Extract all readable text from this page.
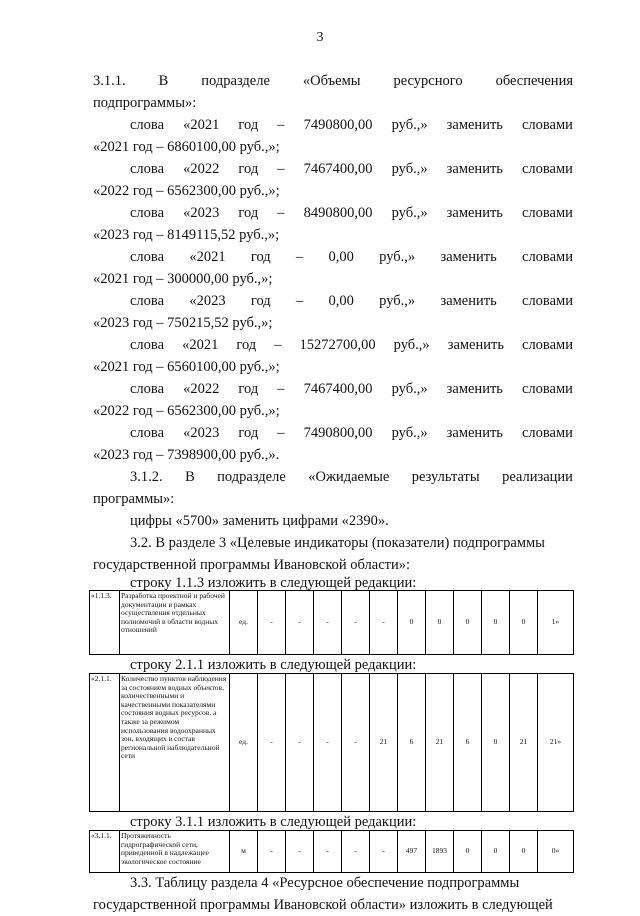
3
3.1.1. В подразделе «Объемы ресурсного обеспечения
подпрограммы»:
слова «2021 год – 7490800,00 руб.,» заменить словами
«2021 год – 6860100,00 руб.,»;
слова «2022 год – 7467400,00 руб.,» заменить словами
«2022 год – 6562300,00 руб.,»;
слова «2023 год – 8490800,00 руб.,» заменить словами
«2023 год – 8149115,52 руб.,»;
слова «2021 год – 0,00 руб.,» заменить словами
«2021 год – 300000,00 руб.,»;
слова «2023 год – 0,00 руб.,» заменить словами
«2023 год – 750215,52 руб.,»;
слова «2021 год – 15272700,00 руб.,» заменить словами
«2021 год – 6560100,00 руб.,»;
слова «2022 год – 7467400,00 руб.,» заменить словами
«2022 год – 6562300,00 руб.,»;
слова «2023 год – 7490800,00 руб.,» заменить словами
«2023 год – 7398900,00 руб.,».
3.1.2. В подразделе «Ожидаемые результаты реализации
программы»:
цифры «5700» заменить цифрами «2390».
3.2. В разделе 3 «Целевые индикаторы (показатели) подпрограммы
государственной программы Ивановской области»:
строку 1.1.3 изложить в следующей редакции:
«1.1.3.	Разработка проектной и рабочей документации в рамках осуществления отдельных полномочий в области водных отношений	ед.	-	-	-	-	-	0	0	0	0	0	1»
строку 2.1.1 изложить в следующей редакции:
«2.1.1.	Количество пунктов наблюдения за состоянием водных объектов, количественными и качественными показателями состояния водных ресурсов, а также за режимом использования водоохранных зон, входящих в состав региональной наблюдательной сети	ед.	-	-	-	-	21	6	21	6	0	21	21»
строку 3.1.1 изложить в следующей редакции:
«3.1.1.	Протяженность гидрографической сети, приведенной в надлежащее экологическое состояние	м	-	-	-	-	-	497	1893	0	0	0	0»
3.3. Таблицу раздела 4 «Ресурсное обеспечение подпрограммы
государственной программы Ивановской области» изложить в следующей
